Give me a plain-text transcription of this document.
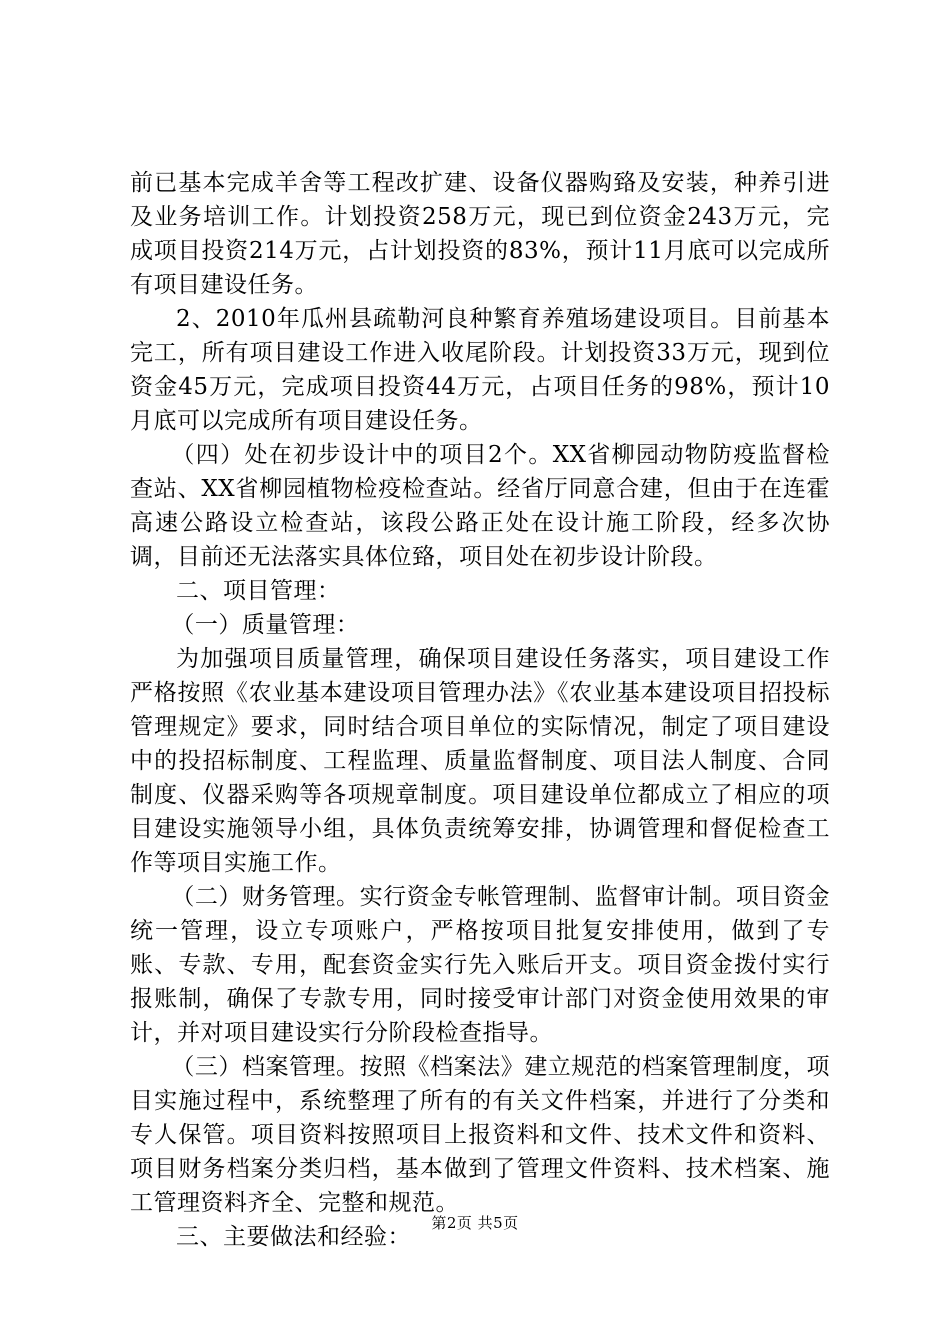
前已基本完成羊舍等工程改扩建、设备仪器购臵及安装，种养引进及业务培训工作。计划投资258万元，现已到位资金243万元，完成项目投资214万元，占计划投资的83%，预计11月底可以完成所有项目建设任务。

2、2010年瓜州县疏勒河良种繁育养殖场建设项目。目前基本完工，所有项目建设工作进入收尾阶段。计划投资33万元，现到位资金45万元，完成项目投资44万元，占项目任务的98%，预计10月底可以完成所有项目建设任务。

（四）处在初步设计中的项目2个。XX省柳园动物防疫监督检查站、XX省柳园植物检疫检查站。经省厅同意合建，但由于在连霍高速公路设立检查站，该段公路正处在设计施工阶段，经多次协调，目前还无法落实具体位臵，项目处在初步设计阶段。

二、项目管理：

（一）质量管理：

为加强项目质量管理，确保项目建设任务落实，项目建设工作严格按照《农业基本建设项目管理办法》《农业基本建设项目招投标管理规定》要求，同时结合项目单位的实际情况，制定了项目建设中的投招标制度、工程监理、质量监督制度、项目法人制度、合同制度、仪器采购等各项规章制度。项目建设单位都成立了相应的项目建设实施领导小组，具体负责统筹安排，协调管理和督促检查工作等项目实施工作。

（二）财务管理。实行资金专帐管理制、监督审计制。项目资金统一管理，设立专项账户，严格按项目批复安排使用，做到了专账、专款、专用，配套资金实行先入账后开支。项目资金拨付实行报账制，确保了专款专用，同时接受审计部门对资金使用效果的审计，并对项目建设实行分阶段检查指导。

（三）档案管理。按照《档案法》建立规范的档案管理制度，项目实施过程中，系统整理了所有的有关文件档案，并进行了分类和专人保管。项目资料按照项目上报资料和文件、技术文件和资料、项目财务档案分类归档，基本做到了管理文件资料、技术档案、施工管理资料齐全、完整和规范。

三、主要做法和经验：

第2页 共5页
